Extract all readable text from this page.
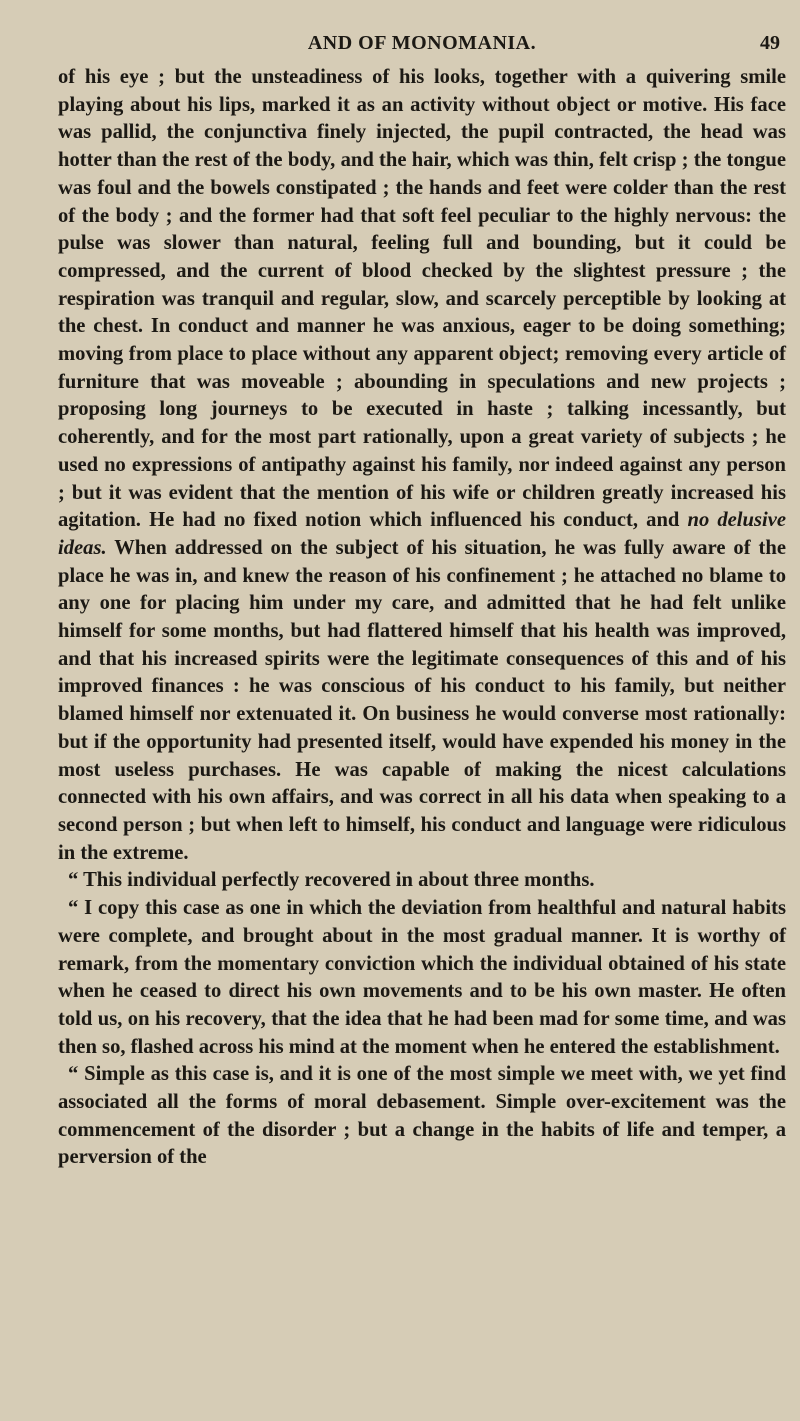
AND OF MONOMANIA.	49

of his eye ; but the unsteadiness of his looks, together with a quivering smile playing about his lips, marked it as an activity without object or motive. His face was pallid, the conjunctiva finely injected, the pupil contracted, the head was hotter than the rest of the body, and the hair, which was thin, felt crisp ; the tongue was foul and the bowels constipated ; the hands and feet were colder than the rest of the body ; and the former had that soft feel peculiar to the highly nervous: the pulse was slower than natural, feeling full and bounding, but it could be compressed, and the current of blood checked by the slightest pressure ; the respiration was tranquil and regular, slow, and scarcely perceptible by looking at the chest. In conduct and manner he was anxious, eager to be doing something; moving from place to place without any apparent object; removing every article of furniture that was moveable ; abounding in speculations and new projects ; proposing long journeys to be executed in haste ; talking incessantly, but coherently, and for the most part rationally, upon a great variety of subjects ; he used no expressions of antipathy against his family, nor indeed against any person ; but it was evident that the mention of his wife or children greatly increased his agitation. He had no fixed notion which influenced his conduct, and no delusive ideas. When addressed on the subject of his situation, he was fully aware of the place he was in, and knew the reason of his confinement ; he attached no blame to any one for placing him under my care, and admitted that he had felt unlike himself for some months, but had flattered himself that his health was improved, and that his increased spirits were the legitimate consequences of this and of his improved finances : he was conscious of his conduct to his family, but neither blamed himself nor extenuated it. On business he would converse most rationally: but if the opportunity had presented itself, would have expended his money in the most useless purchases. He was capable of making the nicest calculations connected with his own affairs, and was correct in all his data when speaking to a second person ; but when left to himself, his conduct and language were ridiculous in the extreme.

“ This individual perfectly recovered in about three months.

“ I copy this case as one in which the deviation from healthful and natural habits were complete, and brought about in the most gradual manner. It is worthy of remark, from the momentary conviction which the individual obtained of his state when he ceased to direct his own movements and to be his own master. He often told us, on his recovery, that the idea that he had been mad for some time, and was then so, flashed across his mind at the moment when he entered the establishment.

“ Simple as this case is, and it is one of the most simple we meet with, we yet find associated all the forms of moral debasement. Simple over-excitement was the commencement of the disorder ; but a change in the habits of life and temper, a perversion of the
